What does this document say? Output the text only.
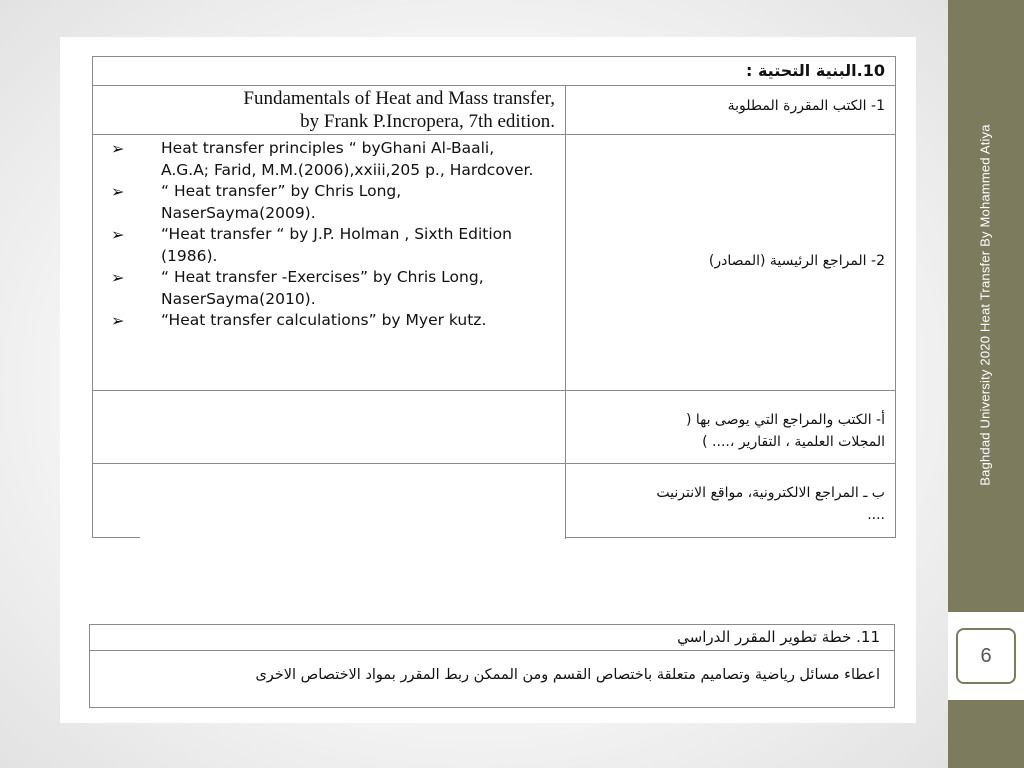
Baghdad University 2020 Heat Transfer By Mohammed Atiya
6
10.البنية التحتية :
Fundamentals of Heat and Mass transfer,
by Frank P.Incropera, 7th edition.
1- الكتب المقررة المطلوبة
➢ Heat transfer principles “ byGhani Al-Baali, A.G.A; Farid, M.M.(2006),xxiii,205 p., Hardcover.
➢ “ Heat transfer” by Chris Long, NaserSayma(2009).
➢ “Heat transfer “ by J.P. Holman , Sixth Edition (1986).
➢ “ Heat transfer -Exercises” by Chris Long, NaserSayma(2010).
➢ “Heat transfer calculations” by Myer kutz.
2- المراجع الرئيسية (المصادر)
أ- الكتب والمراجع التي يوصى بها (
المجلات العلمية ، التقارير ،.... )
ب ـ المراجع الالكترونية، مواقع الانترنيت
....
11. خطة تطوير المقرر الدراسي
اعطاء مسائل رياضية وتصاميم متعلقة باختصاص القسم ومن الممكن ربط المقرر بمواد الاختصاص الاخرى
